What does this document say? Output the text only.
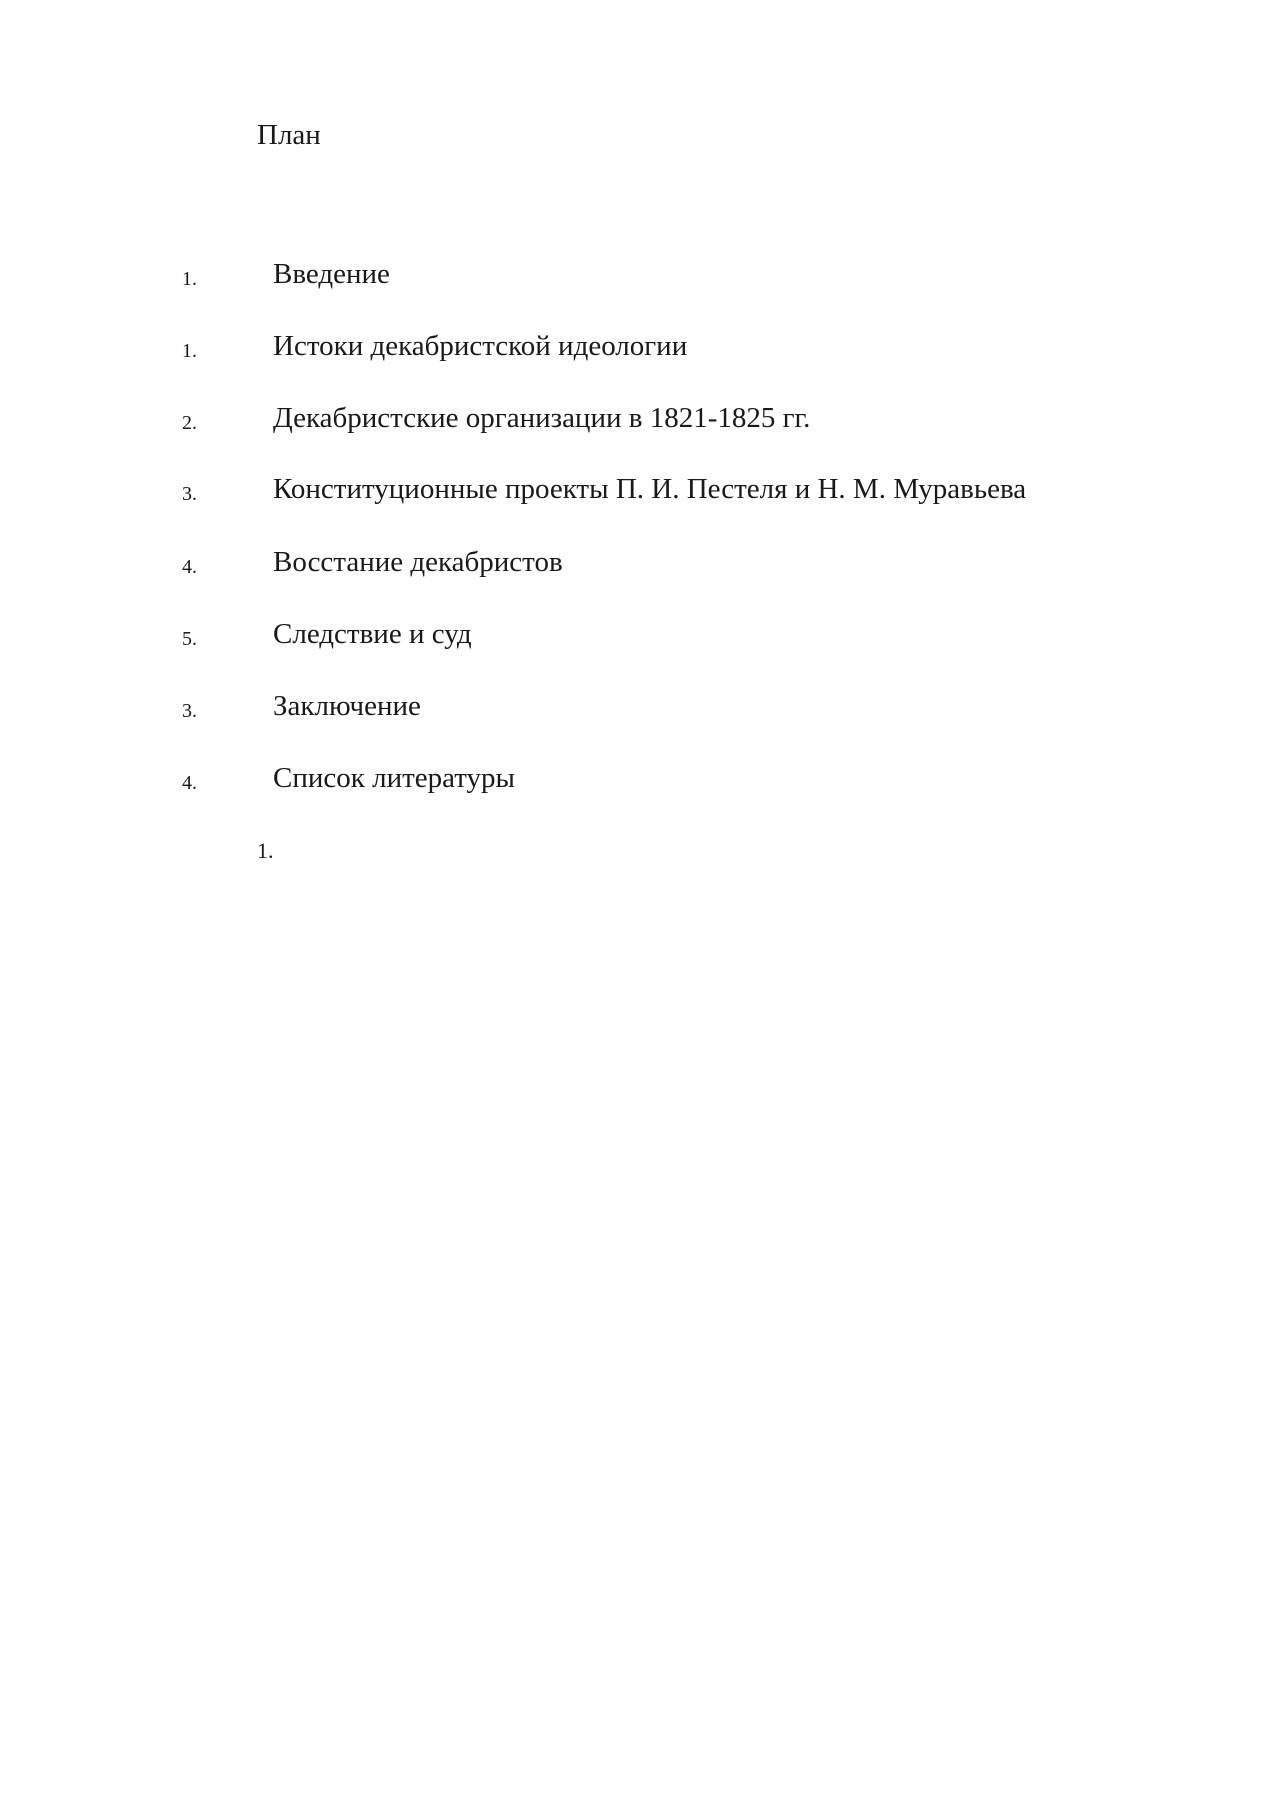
План
1.	Введение
1.	Истоки декабристской идеологии
2.	Декабристские организации в 1821-1825 гг.
3.	Конституционные проекты П. И. Пестеля и Н. М. Муравьева
4.	Восстание декабристов
5.	Следствие и суд
3.	Заключение
4.	Список литературы
1.
